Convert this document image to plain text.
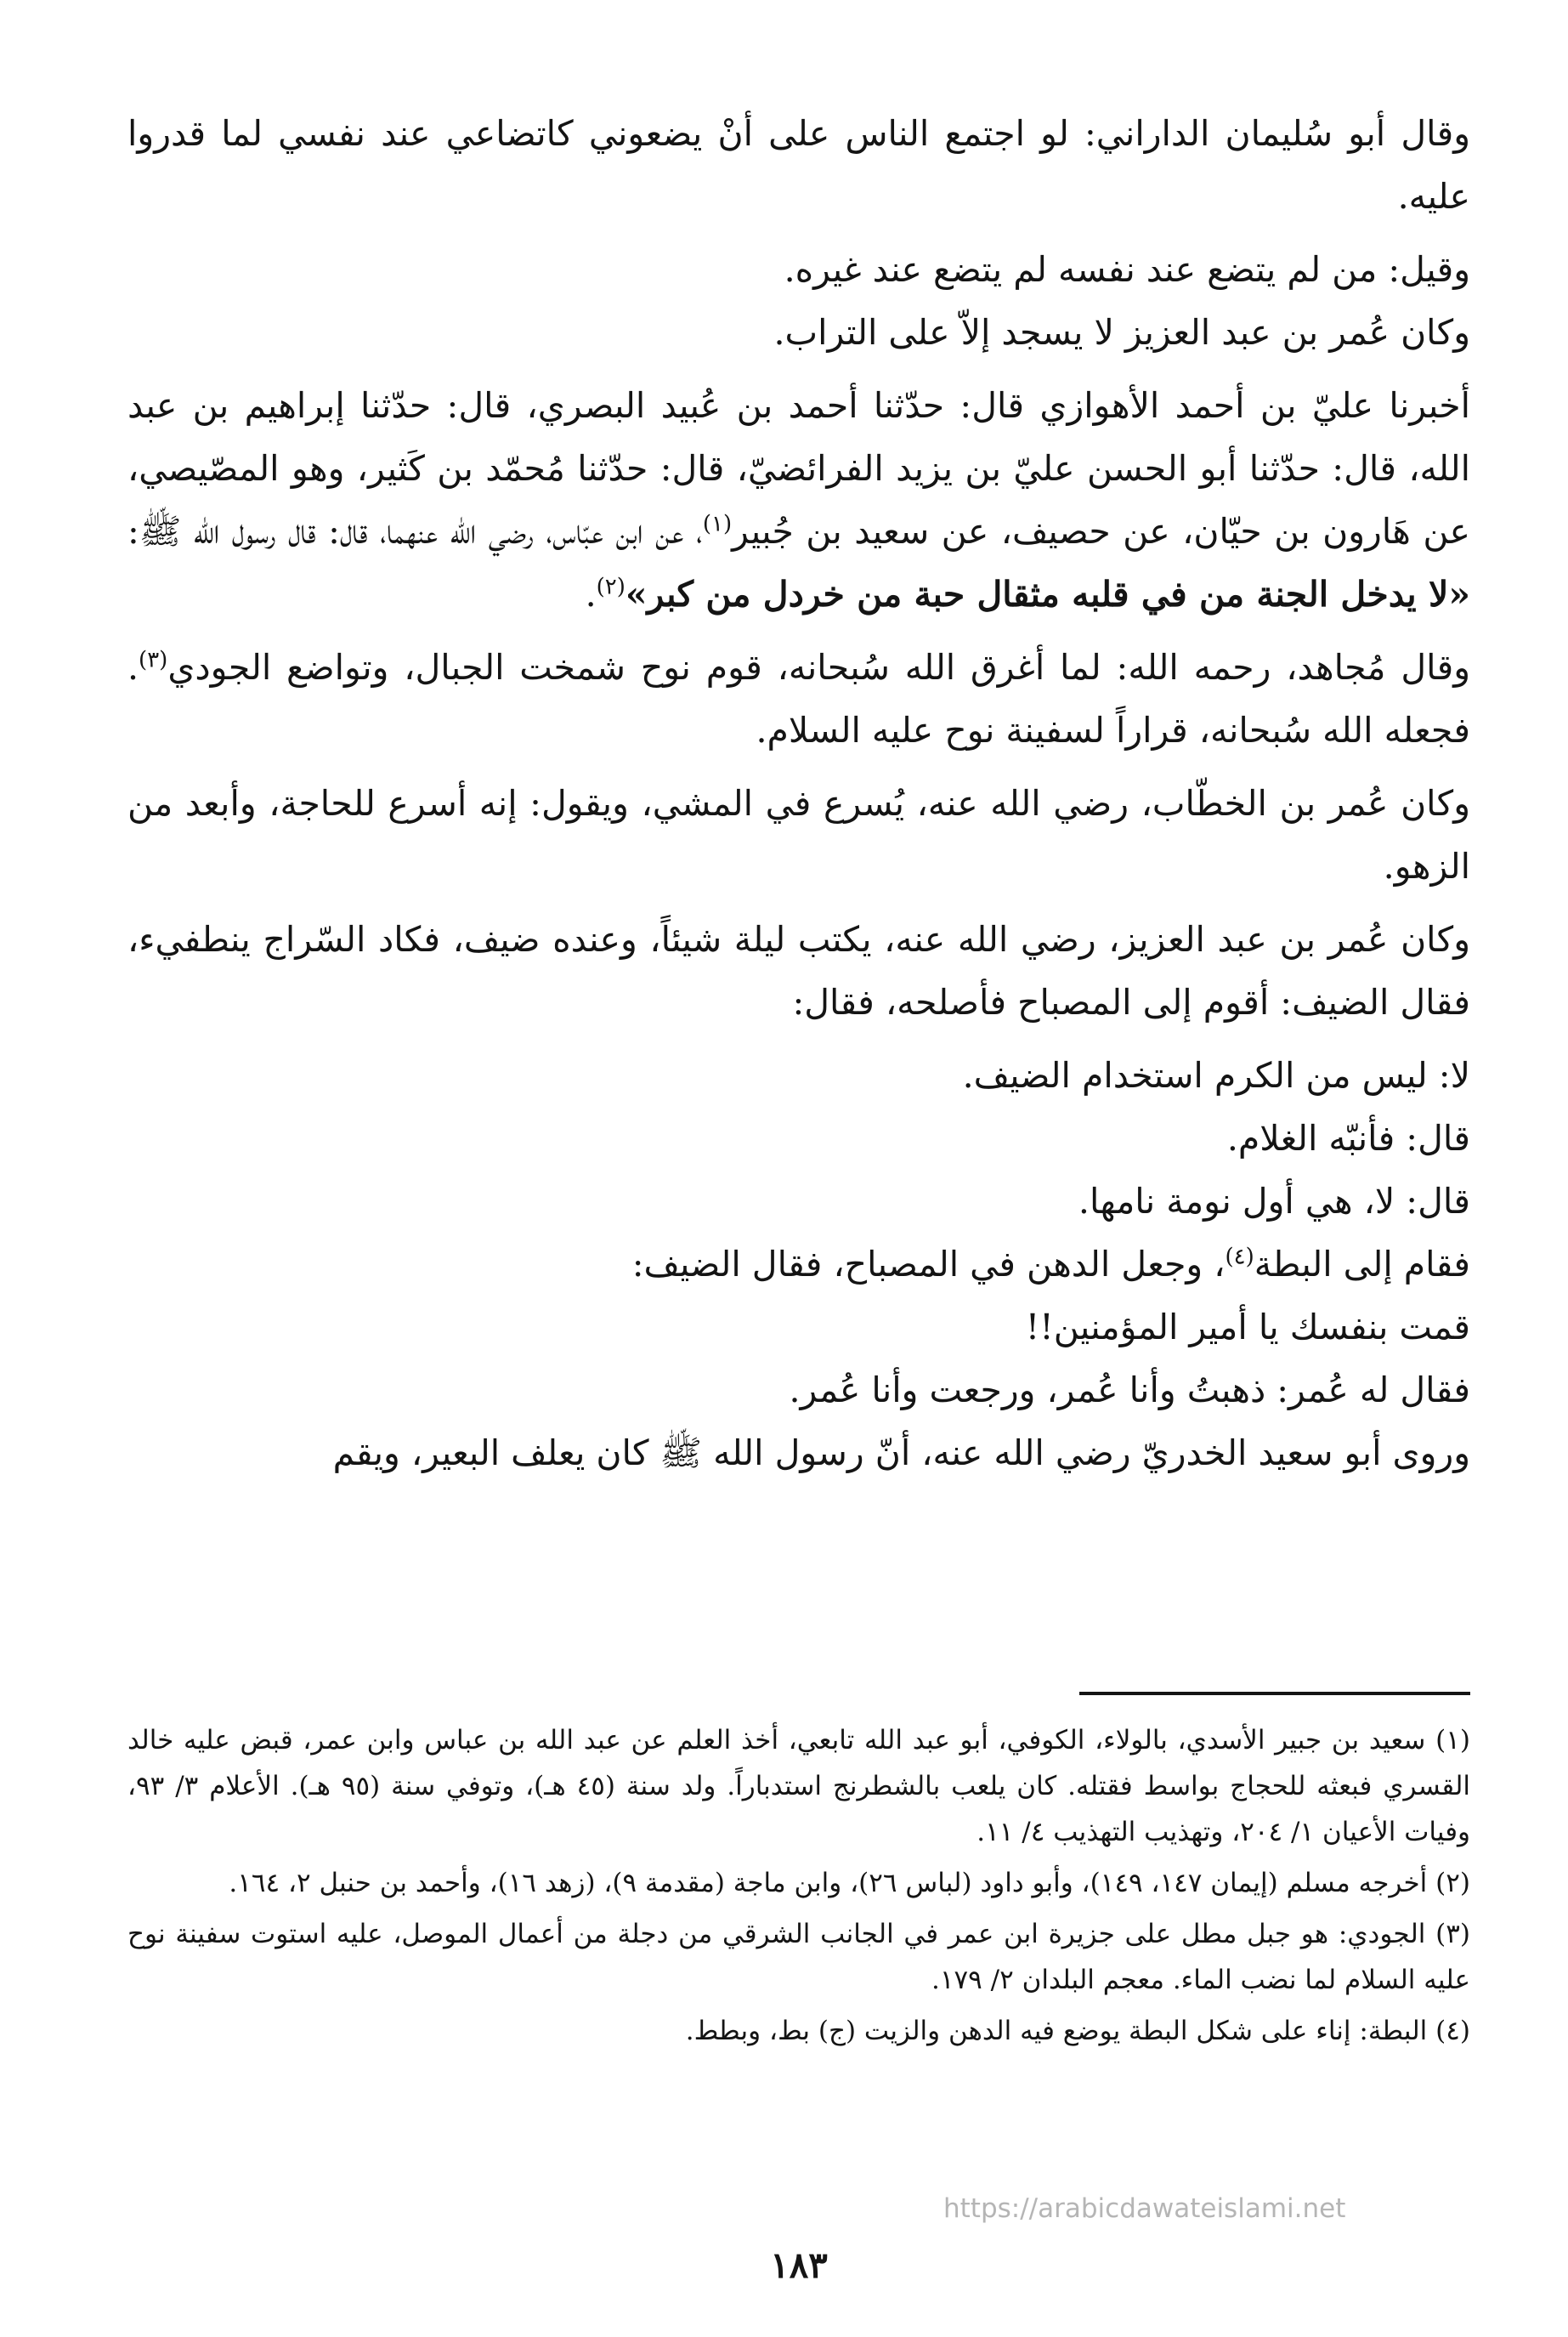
وقال أبو سُليمان الداراني: لو اجتمع الناس على أنْ يضعوني كاتضاعي عند نفسي لما قدروا عليه.

وقيل: من لم يتضع عند نفسه لم يتضع عند غيره.
وكان عُمر بن عبد العزيز لا يسجد إلاّ على التراب.

أخبرنا عليّ بن أحمد الأهوازي قال: حدّثنا أحمد بن عُبيد البصري، قال: حدّثنا إبراهيم بن عبد الله، قال: حدّثنا أبو الحسن عليّ بن يزيد الفرائضيّ، قال: حدّثنا مُحمّد بن كَثير، وهو المصّيصي، عن هَارون بن حيّان، عن حصيف، عن سعيد بن جُبير$^{(١)}$، عن ابن عبّاس، رضي الله عنهما، قال: قال رسول الله ﷺ: «لا يدخل الجنة من في قلبه مثقال حبة من خردل من كبر»$^{(٢)}$.

وقال مُجاهد، رحمه الله: لما أغرق الله سُبحانه، قوم نوح شمخت الجبال، وتواضع الجودي$^{(٣)}$. فجعله الله سُبحانه، قراراً لسفينة نوح عليه السلام.

وكان عُمر بن الخطّاب، رضي الله عنه، يُسرع في المشي، ويقول: إنه أسرع للحاجة، وأبعد من الزهو.

وكان عُمر بن عبد العزيز، رضي الله عنه، يكتب ليلة شيئاً، وعنده ضيف، فكاد السّراج ينطفيء، فقال الضيف: أقوم إلى المصباح فأصلحه، فقال:

لا: ليس من الكرم استخدام الضيف.
قال: فأنبّه الغلام.
قال: لا، هي أول نومة نامها.
فقام إلى البطة$^{(٤)}$، وجعل الدهن في المصباح، فقال الضيف:
قمت بنفسك يا أمير المؤمنين!!
فقال له عُمر: ذهبتُ وأنا عُمر، ورجعت وأنا عُمر.
وروى أبو سعيد الخدريّ رضي الله عنه، أنّ رسول الله ﷺ كان يعلف البعير، ويقم

(١) سعيد بن جبير الأسدي، بالولاء، الكوفي، أبو عبد الله تابعي، أخذ العلم عن عبد الله بن عباس وابن عمر، قبض عليه خالد القسري فبعثه للحجاج بواسط فقتله. كان يلعب بالشطرنج استدباراً. ولد سنة (٤٥ هـ)، وتوفي سنة (٩٥ هـ). الأعلام ٣/ ٩٣، وفيات الأعيان ١/ ٢٠٤، وتهذيب التهذيب ٤/ ١١.

(٢) أخرجه مسلم (إيمان ١٤٧، ١٤٩)، وأبو داود (لباس ٢٦)، وابن ماجة (مقدمة ٩)، (زهد ١٦)، وأحمد بن حنبل ٢، ١٦٤.

(٣) الجودي: هو جبل مطل على جزيرة ابن عمر في الجانب الشرقي من دجلة من أعمال الموصل، عليه استوت سفينة نوح عليه السلام لما نضب الماء. معجم البلدان ٢/ ١٧٩.

(٤) البطة: إناء على شكل البطة يوضع فيه الدهن والزيت (ج) بط، وبطط.

١٨٣
https://arabicdawateislami.net
